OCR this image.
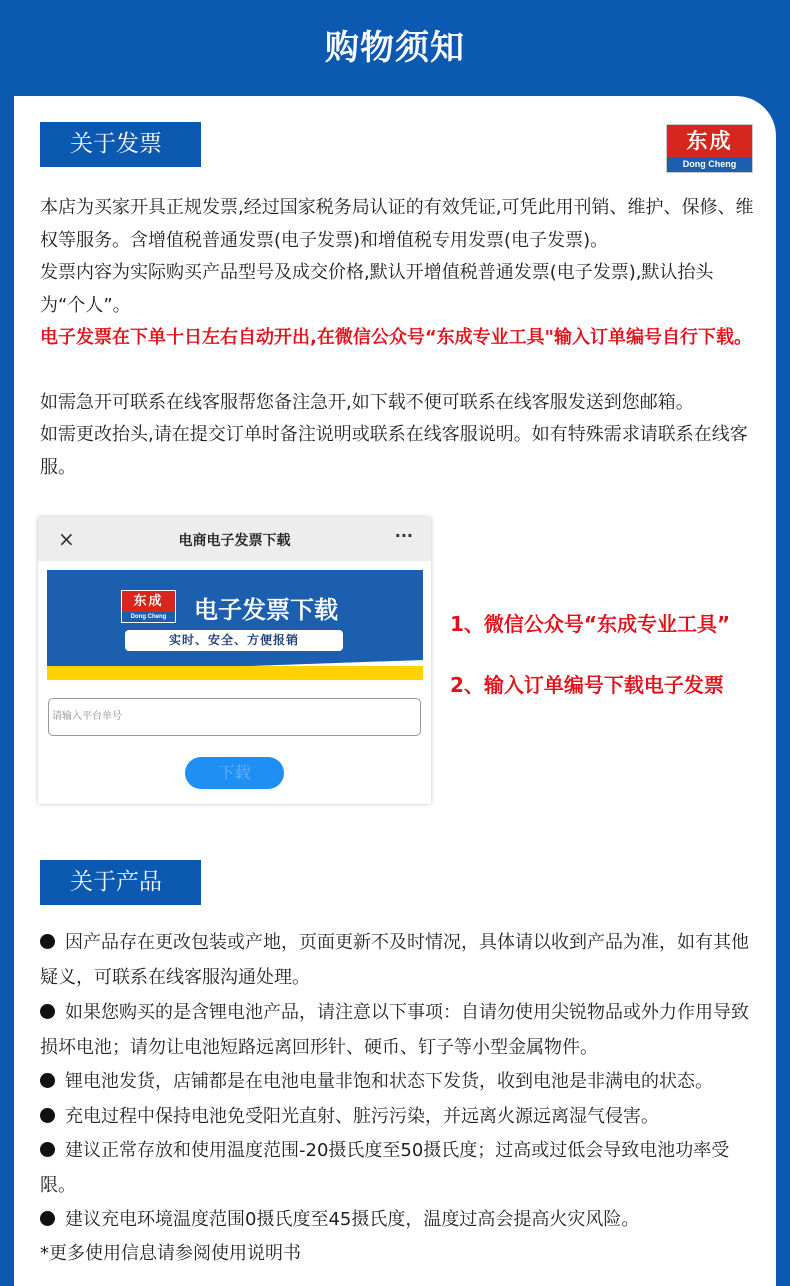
购物须知
关于发票	东成
Dong Cheng
本店为买家开具正规发票,经过国家税务局认证的有效凭证,可凭此用刊销、维护、保修、维权等服务。含增值税普通发票(电子发票)和增值税专用发票(电子发票)。
发票内容为实际购买产品型号及成交价格,默认开增值税普通发票(电子发票),默认抬头为“个人”。
电子发票在下单十日左右自动开出,在微信公众号“东成专业工具"输入订单编号自行下载。
如需急开可联系在线客服帮您备注急开,如下载不便可联系在线客服发送到您邮箱。
如需更改抬头,请在提交订单时备注说明或联系在线客服说明。如有特殊需求请联系在线客服。
×	电商电子发票下载	···
东成
Dong Cheng	电子发票下载
实时、安全、方便报销
请输入平台单号
下载
1、微信公众号“东成专业工具”
2、输入订单编号下载电子发票
关于产品
因产品存在更改包装或产地，页面更新不及时情况，具体请以收到产品为准，如有其他疑义，可联系在线客服沟通处理。
如果您购买的是含锂电池产品，请注意以下事项：自请勿使用尖锐物品或外力作用导致损坏电池；请勿让电池短路远离回形针、硬币、钉子等小型金属物件。
锂电池发货，店铺都是在电池电量非饱和状态下发货，收到电池是非满电的状态。
充电过程中保持电池免受阳光直射、脏污污染，并远离火源远离湿气侵害。
建议正常存放和使用温度范围-20摄氏度至50摄氏度；过高或过低会导致电池功率受限。
建议充电环境温度范围0摄氏度至45摄氏度，温度过高会提高火灾风险。
*更多使用信息请参阅使用说明书
